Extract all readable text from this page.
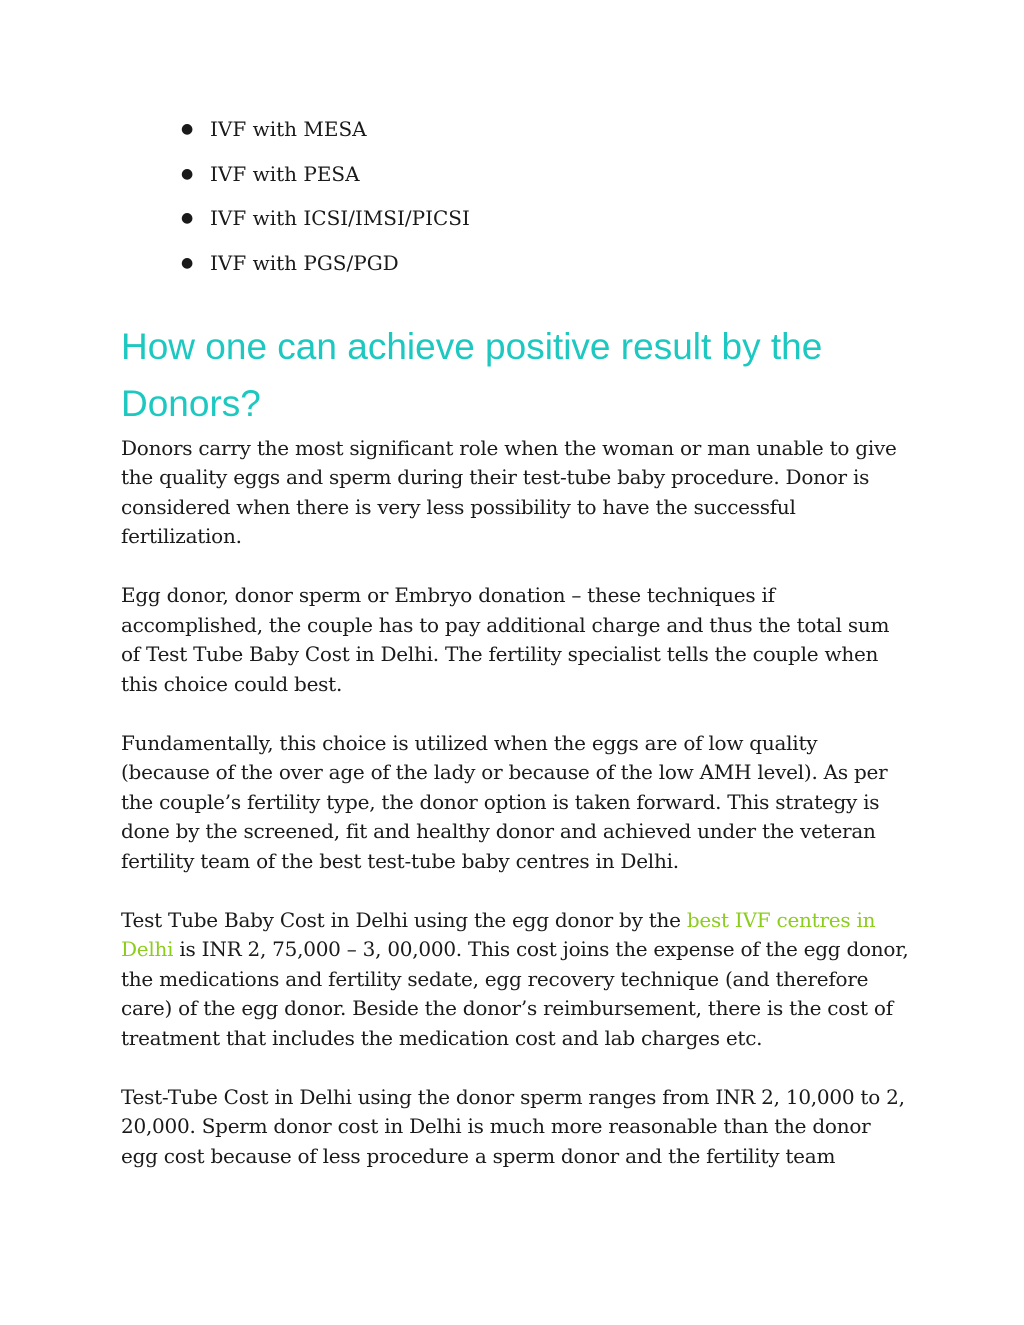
● IVF with MESA
● IVF with PESA
● IVF with ICSI/IMSI/PICSI
● IVF with PGS/PGD
How one can achieve positive result by the Donors?

Donors carry the most significant role when the woman or man unable to give the quality eggs and sperm during their test-tube baby procedure. Donor is considered when there is very less possibility to have the successful fertilization.

Egg donor, donor sperm or Embryo donation – these techniques if accomplished, the couple has to pay additional charge and thus the total sum of Test Tube Baby Cost in Delhi. The fertility specialist tells the couple when this choice could best.

Fundamentally, this choice is utilized when the eggs are of low quality (because of the over age of the lady or because of the low AMH level). As per the couple’s fertility type, the donor option is taken forward. This strategy is done by the screened, fit and healthy donor and achieved under the veteran fertility team of the best test-tube baby centres in Delhi.

Test Tube Baby Cost in Delhi using the egg donor by the best IVF centres in Delhi is INR 2, 75,000 – 3, 00,000. This cost joins the expense of the egg donor, the medications and fertility sedate, egg recovery technique (and therefore care) of the egg donor. Beside the donor’s reimbursement, there is the cost of treatment that includes the medication cost and lab charges etc.

Test-Tube Cost in Delhi using the donor sperm ranges from INR 2, 10,000 to 2, 20,000. Sperm donor cost in Delhi is much more reasonable than the donor egg cost because of less procedure a sperm donor and the fertility team
